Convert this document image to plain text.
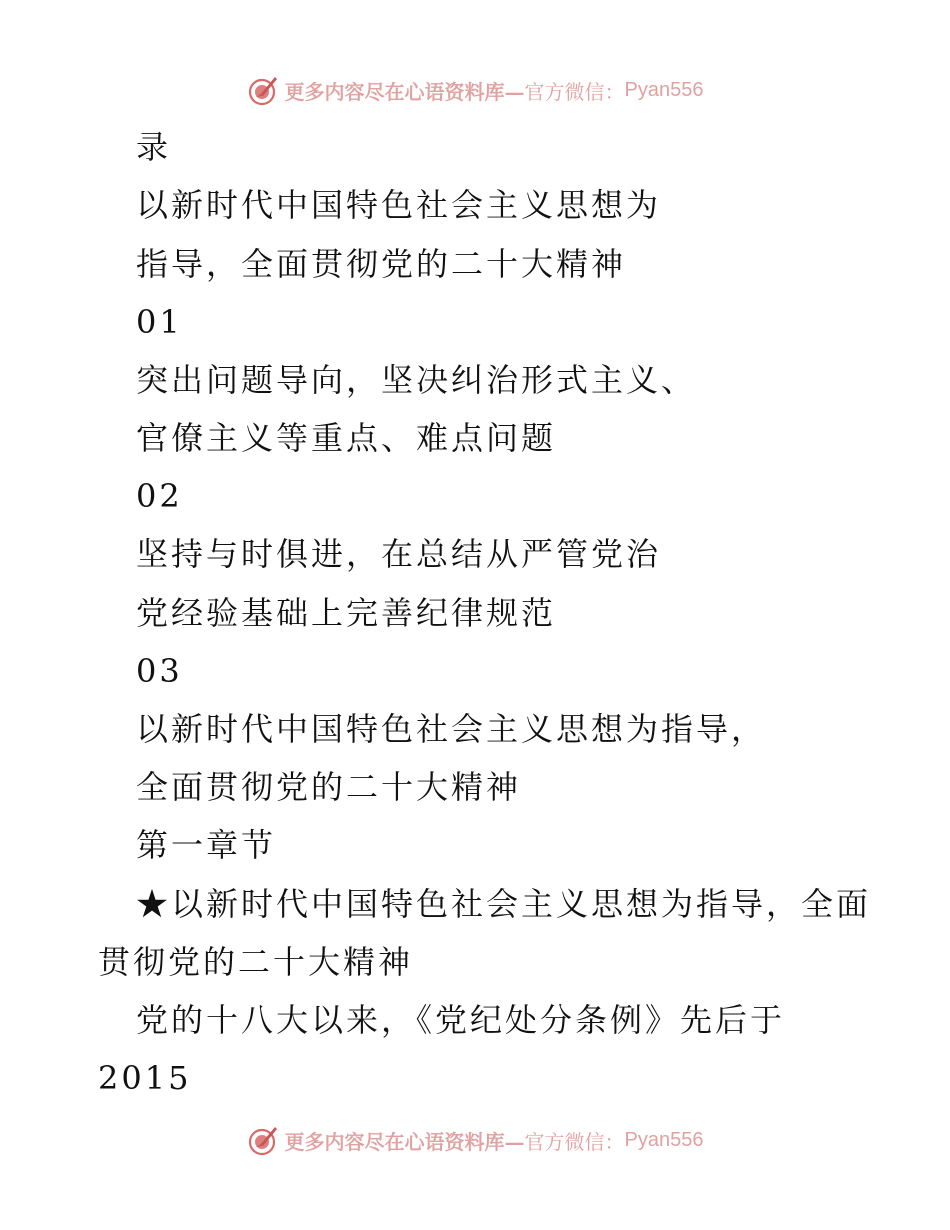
更多内容尽在心语资料库— 官方微信： Pyan556
录
以新时代中国特色社会主义思想为
指导，全面贯彻党的二十大精神
01
突出问题导向，坚决纠治形式主义、
官僚主义等重点、难点问题
02
坚持与时俱进，在总结从严管党治
党经验基础上完善纪律规范
03
以新时代中国特色社会主义思想为指导，
全面贯彻党的二十大精神
第一章节
★以新时代中国特色社会主义思想为指导，全面
贯彻党的二十大精神
党的十八大以来，《党纪处分条例》先后于
2015
更多内容尽在心语资料库— 官方微信： Pyan556
